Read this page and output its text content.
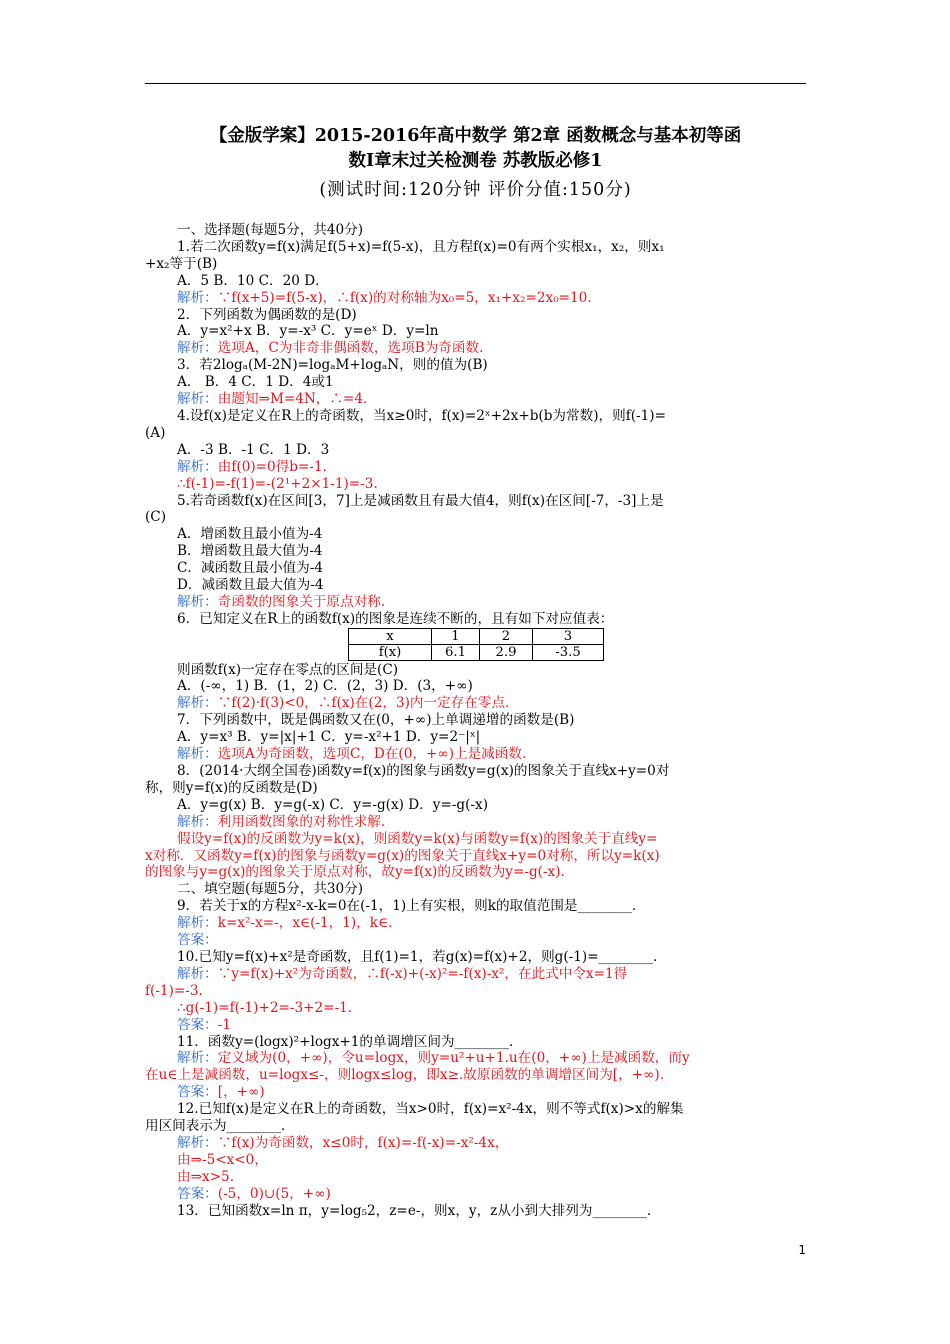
【金版学案】2015-2016年高中数学 第2章 函数概念与基本初等函
数Ⅰ章末过关检测卷 苏教版必修1

(测试时间:120分钟 评价分值:150分)

一、选择题(每题5分，共40分)
1.若二次函数y=f(x)满足f(5+x)=f(5-x)，且方程f(x)=0有两个实根x₁，x₂，则x₁
+x₂等于(B)
A．5 B．10 C．20 D．
解析：∵f(x+5)=f(5-x)，∴f(x)的对称轴为x₀=5，x₁+x₂=2x₀=10.
2．下列函数为偶函数的是(D)
A．y=x²+x B．y=-x³ C．y=eˣ D．y=ln
解析：选项A，C为非奇非偶函数，选项B为奇函数.
3．若2logₐ(M-2N)=logₐM+logₐN，则的值为(B)
A． B．4 C．1 D．4或1
解析：由题知⇒M=4N，∴=4.
4.设f(x)是定义在R上的奇函数，当x≥0时，f(x)=2ˣ+2x+b(b为常数)，则f(-1)=
(A)
A．-3 B．-1 C．1 D．3
解析：由f(0)=0得b=-1.
∴f(-1)=-f(1)=-(2¹+2×1-1)=-3.
5.若奇函数f(x)在区间[3，7]上是减函数且有最大值4，则f(x)在区间[-7，-3]上是
(C)
A．增函数且最小值为-4
B．增函数且最大值为-4
C．减函数且最小值为-4
D．减函数且最大值为-4
解析：奇函数的图象关于原点对称.
6．已知定义在R上的函数f(x)的图象是连续不断的，且有如下对应值表：

则函数f(x)一定存在零点的区间是(C)
A．(-∞，1) B．(1，2) C．(2，3) D．(3，+∞)
解析：∵f(2)·f(3)<0，∴f(x)在(2，3)内一定存在零点.
7．下列函数中，既是偶函数又在(0，+∞)上单调递增的函数是(B)
A．y=x³ B．y=|x|+1 C．y=-x²+1 D．y=2⁻|ˣ|
解析：选项A为奇函数，选项C，D在(0，+∞)上是减函数.
8．(2014·大纲全国卷)函数y=f(x)的图象与函数y=g(x)的图象关于直线x+y=0对
称，则y=f(x)的反函数是(D)
A．y=g(x) B．y=g(-x) C．y=-g(x) D．y=-g(-x)
解析：利用函数图象的对称性求解.
假设y=f(x)的反函数为y=k(x)，则函数y=k(x)与函数y=f(x)的图象关于直线y=
x对称．又函数y=f(x)的图象与函数y=g(x)的图象关于直线x+y=0对称，所以y=k(x)
的图象与y=g(x)的图象关于原点对称，故y=f(x)的反函数为y=-g(-x).
二、填空题(每题5分，共30分)
9．若关于x的方程x²-x-k=0在(-1，1)上有实根，则k的取值范围是________.
解析：k=x²-x=-，x∈(-1，1)，k∈.
答案：
10.已知y=f(x)+x²是奇函数，且f(1)=1，若g(x)=f(x)+2，则g(-1)=________.
解析：∵y=f(x)+x²为奇函数，∴f(-x)+(-x)²=-f(x)-x²，在此式中令x=1得
f(-1)=-3.
∴g(-1)=f(-1)+2=-3+2=-1.
答案：-1
11．函数y=(logx)²+logx+1的单调增区间为________.
解析：定义域为(0，+∞)，令u=logx，则y=u²+u+1.u在(0，+∞)上是减函数，而y
在u∈上是减函数，u=logx≤-，则logx≤log，即x≥.故原函数的单调增区间为[，+∞).
答案：[，+∞)
12.已知f(x)是定义在R上的奇函数，当x>0时，f(x)=x²-4x，则不等式f(x)>x的解集
用区间表示为________.
解析：∵f(x)为奇函数，x≤0时，f(x)=-f(-x)=-x²-4x，
由⇒-5<x<0，
由⇒x>5.
答案：(-5，0)∪(5，+∞)
13．已知函数x=ln π，y=log₅2，z=e-，则x，y，z从小到大排列为________.
x	1	2	3
f(x)	6.1	2.9	-3.5
1
